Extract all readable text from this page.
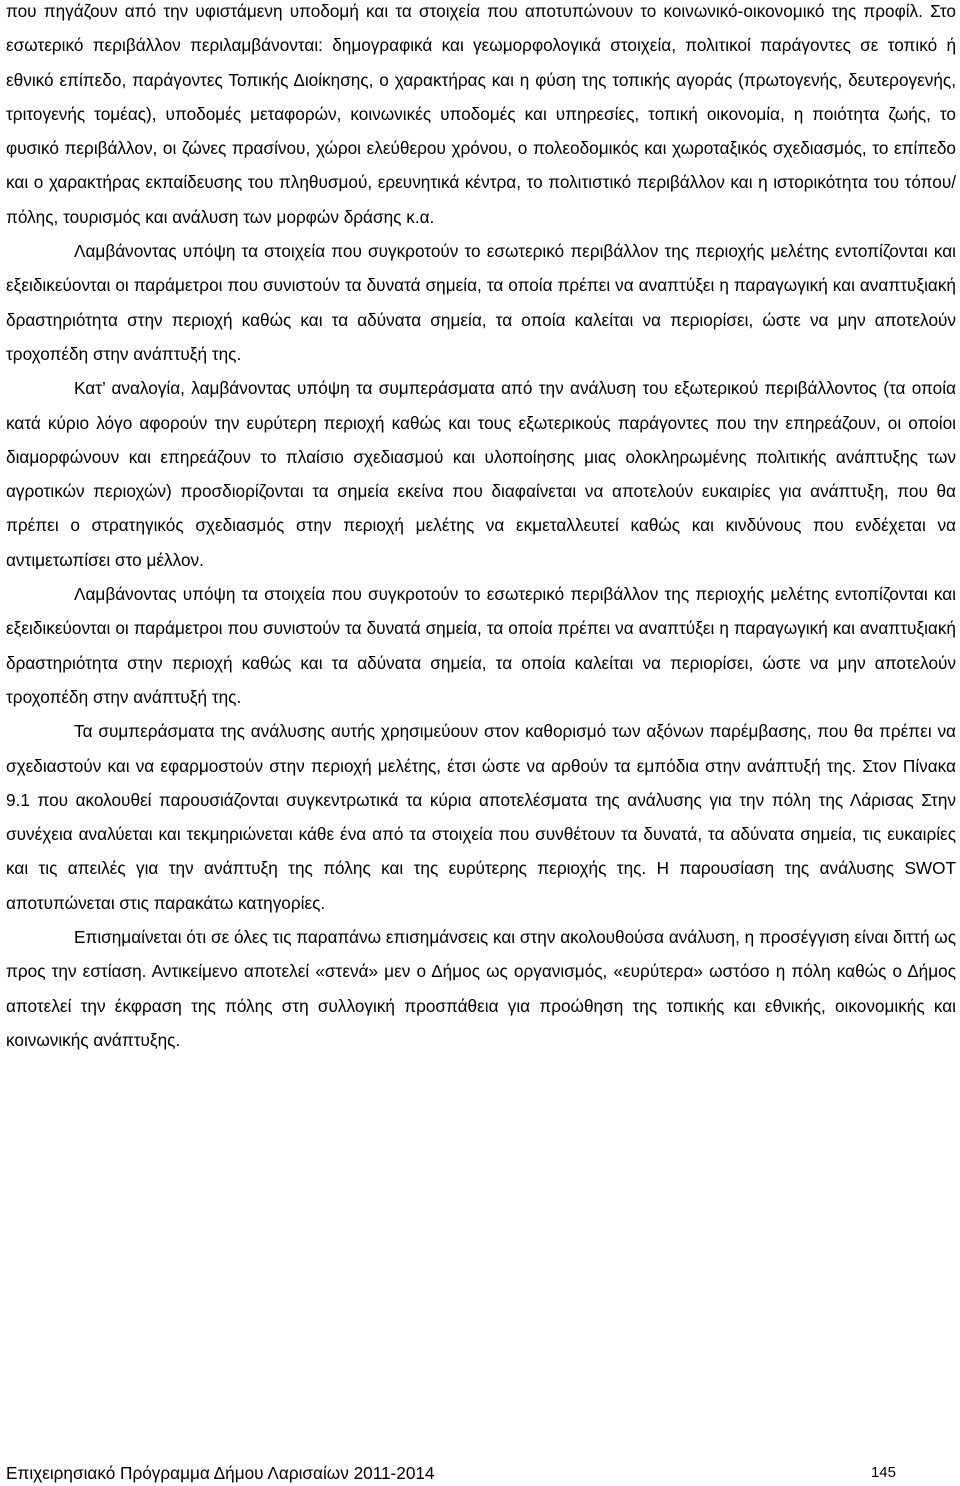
που πηγάζουν από την υφιστάμενη υποδομή και τα στοιχεία που αποτυπώνουν το κοινωνικό-οικονομικό της προφίλ. Στο εσωτερικό περιβάλλον περιλαμβάνονται: δημογραφικά και γεωμορφολογικά στοιχεία, πολιτικοί παράγοντες σε τοπικό ή εθνικό επίπεδο, παράγοντες Τοπικής Διοίκησης, ο χαρακτήρας και η φύση της τοπικής αγοράς (πρωτογενής, δευτερογενής, τριτογενής τομέας), υποδομές μεταφορών, κοινωνικές υποδομές και υπηρεσίες, τοπική οικονομία, η ποιότητα ζωής, το φυσικό περιβάλλον, οι ζώνες πρασίνου, χώροι ελεύθερου χρόνου, ο πολεοδομικός και χωροταξικός σχεδιασμός, το επίπεδο και ο χαρακτήρας εκπαίδευσης του πληθυσμού, ερευνητικά κέντρα, το πολιτιστικό περιβάλλον και η ιστορικότητα του τόπου/ πόλης, τουρισμός και ανάλυση των μορφών δράσης κ.α.

Λαμβάνοντας υπόψη τα στοιχεία που συγκροτούν το εσωτερικό περιβάλλον της περιοχής μελέτης εντοπίζονται και εξειδικεύονται οι παράμετροι που συνιστούν τα δυνατά σημεία, τα οποία πρέπει να αναπτύξει η παραγωγική και αναπτυξιακή δραστηριότητα στην περιοχή καθώς και τα αδύνατα σημεία, τα οποία καλείται να περιορίσει, ώστε να μην αποτελούν τροχοπέδη στην ανάπτυξή της.

Κατ’ αναλογία, λαμβάνοντας υπόψη τα συμπεράσματα από την ανάλυση του εξωτερικού περιβάλλοντος (τα οποία κατά κύριο λόγο αφορούν την ευρύτερη περιοχή καθώς και τους εξωτερικούς παράγοντες που την επηρεάζουν, οι οποίοι διαμορφώνουν και επηρεάζουν το πλαίσιο σχεδιασμού και υλοποίησης μιας ολοκληρωμένης πολιτικής ανάπτυξης των αγροτικών περιοχών) προσδιορίζονται τα σημεία εκείνα που διαφαίνεται να αποτελούν ευκαιρίες για ανάπτυξη, που θα πρέπει ο στρατηγικός σχεδιασμός στην περιοχή μελέτης να εκμεταλλευτεί καθώς και κινδύνους που ενδέχεται να αντιμετωπίσει στο μέλλον.

Λαμβάνοντας υπόψη τα στοιχεία που συγκροτούν το εσωτερικό περιβάλλον της περιοχής μελέτης εντοπίζονται και εξειδικεύονται οι παράμετροι που συνιστούν τα δυνατά σημεία, τα οποία πρέπει να αναπτύξει η παραγωγική και αναπτυξιακή δραστηριότητα στην περιοχή καθώς και τα αδύνατα σημεία, τα οποία καλείται να περιορίσει, ώστε να μην αποτελούν τροχοπέδη στην ανάπτυξή της.

Τα συμπεράσματα της ανάλυσης αυτής χρησιμεύουν στον καθορισμό των αξόνων παρέμβασης, που θα πρέπει να σχεδιαστούν και να εφαρμοστούν στην περιοχή μελέτης, έτσι ώστε να αρθούν τα εμπόδια στην ανάπτυξή της. Στον Πίνακα 9.1 που ακολουθεί παρουσιάζονται συγκεντρωτικά τα κύρια αποτελέσματα της ανάλυσης για την πόλη της Λάρισας Στην συνέχεια αναλύεται και τεκμηριώνεται κάθε ένα από τα στοιχεία που συνθέτουν τα δυνατά, τα αδύνατα σημεία, τις ευκαιρίες και τις απειλές για την ανάπτυξη της πόλης και της ευρύτερης περιοχής της. Η παρουσίαση της ανάλυσης SWOT αποτυπώνεται στις παρακάτω κατηγορίες.

Επισημαίνεται ότι σε όλες τις παραπάνω επισημάνσεις και στην ακολουθούσα ανάλυση, η προσέγγιση είναι διττή ως προς την εστίαση. Αντικείμενο αποτελεί «στενά» μεν ο Δήμος ως οργανισμός, «ευρύτερα» ωστόσο η πόλη καθώς ο Δήμος αποτελεί την έκφραση της πόλης στη συλλογική προσπάθεια για προώθηση της τοπικής και εθνικής, οικονομικής και κοινωνικής ανάπτυξης.

Επιχειρησιακό Πρόγραμμα Δήμου Λαρισαίων 2011-2014	145
